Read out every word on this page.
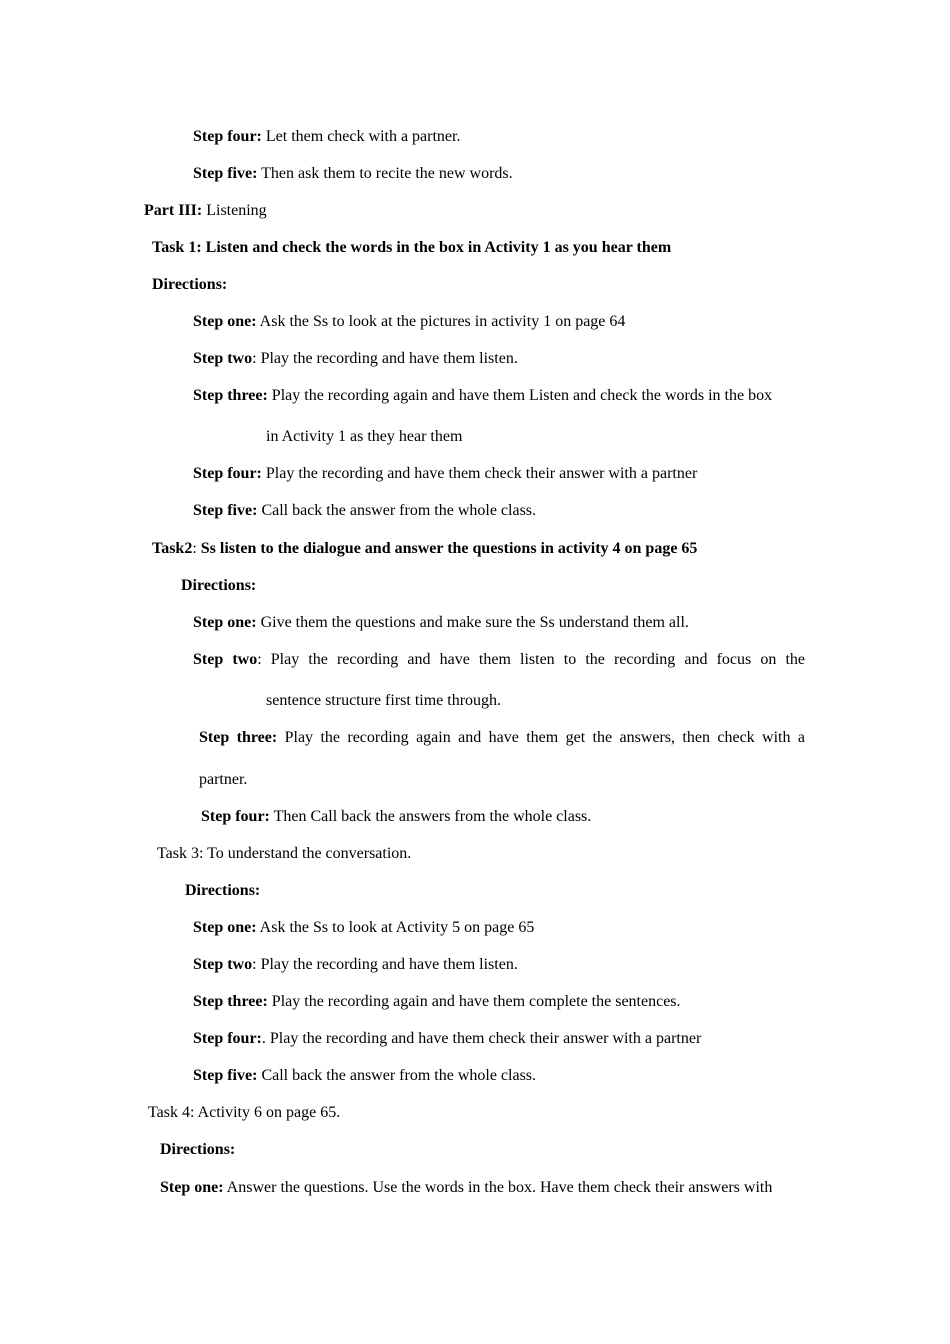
Step four: Let them check with a partner.
Step five: Then ask them to recite the new words.
Part III: Listening
Task 1: Listen and check the words in the box in Activity 1 as you hear them
Directions:
Step one: Ask the Ss to look at the pictures in activity 1 on page 64
Step two: Play the recording and have them listen.
Step three: Play the recording again and have them Listen and check the words in the box
in Activity 1 as they hear them
Step four: Play the recording and have them check their answer with a partner
Step five: Call back the answer from the whole class.
Task2: Ss listen to the dialogue and answer the questions in activity 4 on page 65
Directions:
Step one: Give them the questions and make sure the Ss understand them all.
Step two: Play the recording and have them listen to the recording and focus on the
sentence structure first time through.
Step three: Play the recording again and have them get the answers, then check with a
partner.
Step four: Then Call back the answers from the whole class.
Task 3: To understand the conversation.
Directions:
Step one: Ask the Ss to look at Activity 5 on page 65
Step two: Play the recording and have them listen.
Step three: Play the recording again and have them complete the sentences.
Step four:. Play the recording and have them check their answer with a partner
Step five: Call back the answer from the whole class.
Task 4: Activity 6 on page 65.
Directions:
Step one: Answer the questions. Use the words in the box. Have them check their answers with
